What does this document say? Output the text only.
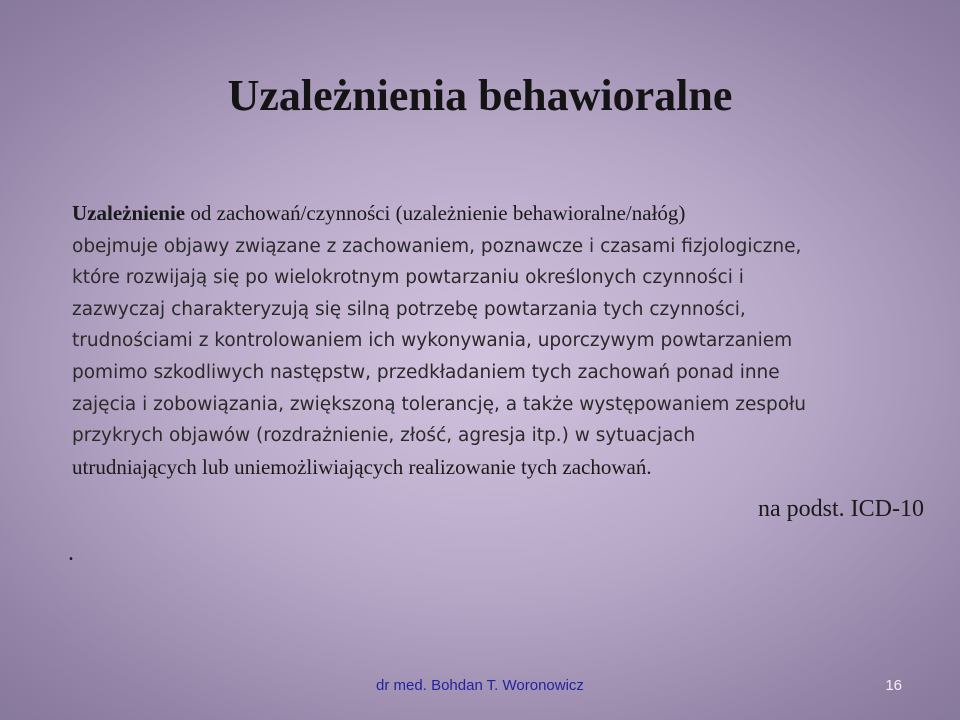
Uzależnienia behawioralne
Uzależnienie od zachowań/czynności (uzależnienie behawioralne/nałóg)
obejmuje objawy związane z zachowaniem, poznawcze i czasami fizjologiczne,
które rozwijają się po wielokrotnym powtarzaniu określonych czynności i
zazwyczaj charakteryzują się silną potrzebę powtarzania tych czynności,
trudnościami z kontrolowaniem ich wykonywania, uporczywym powtarzaniem
pomimo szkodliwych następstw, przedkładaniem tych zachowań ponad inne
zajęcia i zobowiązania, zwiększoną tolerancję, a także występowaniem zespołu
przykrych objawów (rozdrażnienie, złość, agresja itp.) w sytuacjach
utrudniających lub uniemożliwiających realizowanie tych zachowań.
na podst. ICD-10
.
dr med. Bohdan T. Woronowicz	16
